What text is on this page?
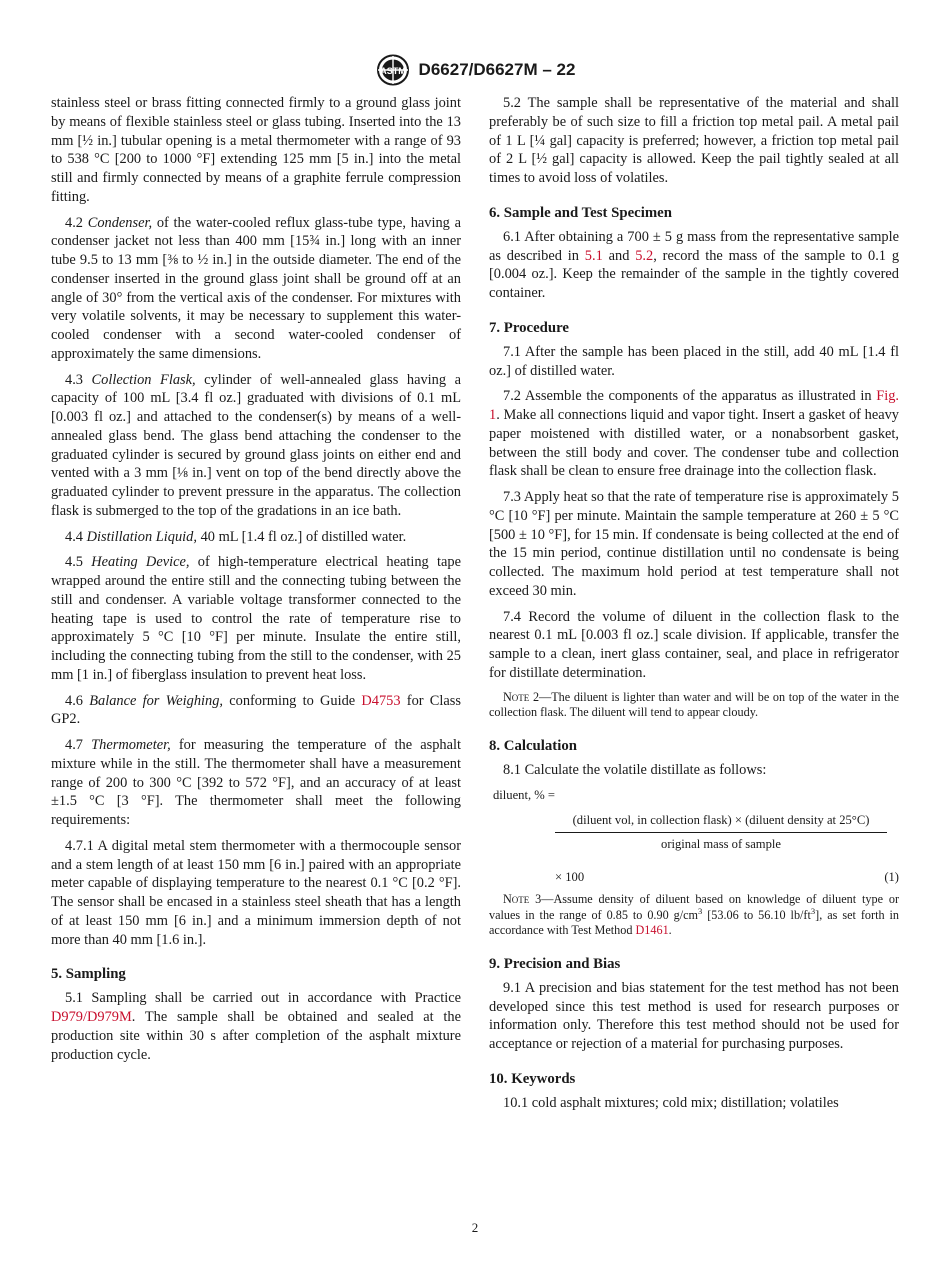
ASTM D6627/D6627M – 22

stainless steel or brass fitting connected firmly to a ground glass joint by means of flexible stainless steel or glass tubing. Inserted into the 13 mm [½ in.] tubular opening is a metal thermometer with a range of 93 to 538 °C [200 to 1000 °F] extending 125 mm [5 in.] into the metal still and firmly connected by means of a graphite ferrule compression fitting.

4.2 Condenser, of the water-cooled reflux glass-tube type, having a condenser jacket not less than 400 mm [15¾ in.] long with an inner tube 9.5 to 13 mm [⅜ to ½ in.] in the outside diameter. The end of the condenser inserted in the ground glass joint shall be ground off at an angle of 30° from the vertical axis of the condenser. For mixtures with very volatile solvents, it may be necessary to supplement this water-cooled condenser with a second water-cooled condenser of approximately the same dimensions.

4.3 Collection Flask, cylinder of well-annealed glass having a capacity of 100 mL [3.4 fl oz.] graduated with divisions of 0.1 mL [0.003 fl oz.] and attached to the condenser(s) by means of a well-annealed glass bend. The glass bend attaching the condenser to the graduated cylinder is secured by ground glass joints on either end and vented with a 3 mm [⅛ in.] vent on top of the bend directly above the graduated cylinder to prevent pressure in the apparatus. The collection flask is submerged to the top of the gradations in an ice bath.

4.4 Distillation Liquid, 40 mL [1.4 fl oz.] of distilled water.

4.5 Heating Device, of high-temperature electrical heating tape wrapped around the entire still and the connecting tubing between the still and condenser. A variable voltage transformer connected to the heating tape is used to control the rate of temperature rise to approximately 5 °C [10 °F] per minute. Insulate the entire still, including the connecting tubing from the still to the condenser, with 25 mm [1 in.] of fiberglass insulation to prevent heat loss.

4.6 Balance for Weighing, conforming to Guide D4753 for Class GP2.

4.7 Thermometer, for measuring the temperature of the asphalt mixture while in the still. The thermometer shall have a measurement range of 200 to 300 °C [392 to 572 °F], and an accuracy of at least ±1.5 °C [3 °F]. The thermometer shall meet the following requirements:

4.7.1 A digital metal stem thermometer with a thermocouple sensor and a stem length of at least 150 mm [6 in.] paired with an appropriate meter capable of displaying temperature to the nearest 0.1 °C [0.2 °F]. The sensor shall be encased in a stainless steel sheath that has a length of at least 150 mm [6 in.] and a minimum immersion depth of not more than 40 mm [1.6 in.].

5. Sampling

5.1 Sampling shall be carried out in accordance with Practice D979/D979M. The sample shall be obtained and sealed at the production site within 30 s after completion of the asphalt mixture production cycle.

5.2 The sample shall be representative of the material and shall preferably be of such size to fill a friction top metal pail. A metal pail of 1 L [¼ gal] capacity is preferred; however, a friction top metal pail of 2 L [½ gal] capacity is allowed. Keep the pail tightly sealed at all times to avoid loss of volatiles.

6. Sample and Test Specimen

6.1 After obtaining a 700 ± 5 g mass from the representative sample as described in 5.1 and 5.2, record the mass of the sample to 0.1 g [0.004 oz.]. Keep the remainder of the sample in the tightly covered container.

7. Procedure

7.1 After the sample has been placed in the still, add 40 mL [1.4 fl oz.] of distilled water.

7.2 Assemble the components of the apparatus as illustrated in Fig. 1. Make all connections liquid and vapor tight. Insert a gasket of heavy paper moistened with distilled water, or a nonabsorbent gasket, between the still body and cover. The condenser tube and collection flask shall be clean to ensure free drainage into the collection flask.

7.3 Apply heat so that the rate of temperature rise is approximately 5 °C [10 °F] per minute. Maintain the sample temperature at 260 ± 5 °C [500 ± 10 °F], for 15 min. If condensate is being collected at the end of the 15 min period, continue distillation until no condensate is being collected. The maximum hold period at test temperature shall not exceed 30 min.

7.4 Record the volume of diluent in the collection flask to the nearest 0.1 mL [0.003 fl oz.] scale division. If applicable, transfer the sample to a clean, inert glass container, seal, and place in refrigerator for distillate determination.

Note 2—The diluent is lighter than water and will be on top of the water in the collection flask. The diluent will tend to appear cloudy.

8. Calculation

8.1 Calculate the volatile distillate as follows:

diluent, % =
(diluent vol, in collection flask) × (diluent density at 25°C)
original mass of sample
× 100	(1)

Note 3—Assume density of diluent based on knowledge of diluent type or values in the range of 0.85 to 0.90 $g/cm^3$ [53.06 to 56.10 $lb/ft^3$], as set forth in accordance with Test Method D1461.

9. Precision and Bias

9.1 A precision and bias statement for the test method has not been developed since this test method is used for research purposes or information only. Therefore this test method should not be used for acceptance or rejection of a material for purchasing purposes.

10. Keywords

10.1 cold asphalt mixtures; cold mix; distillation; volatiles

2
